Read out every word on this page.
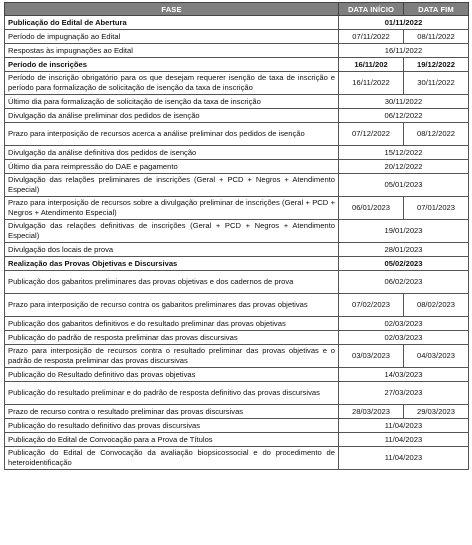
FASE	DATA INÍCIO	DATA FIM
Publicação do Edital de Abertura	01/11/2022	
Período de impugnação ao Edital	07/11/2022	08/11/2022
Respostas às impugnações ao Edital	16/11/2022	
Período de inscrições	16/11/202	19/12/2022
Período de inscrição obrigatório para os que desejam requerer isenção de taxa de inscrição e período para formalização de solicitação de isenção da taxa de inscrição	16/11/2022	30/11/2022
Último dia para formalização de solicitação de isenção da taxa de inscrição	30/11/2022	
Divulgação da análise preliminar dos pedidos de isenção	06/12/2022	
Prazo para interposição de recursos acerca a análise preliminar dos pedidos de isenção	07/12/2022	08/12/2022
Divulgação da análise definitiva dos pedidos de isenção	15/12/2022	
Último dia para reimpressão do DAE e pagamento	20/12/2022	
Divulgação das relações preliminares de inscrições (Geral + PCD + Negros + Atendimento Especial)	05/01/2023	
Prazo para interposição de recursos sobre a divulgação preliminar de inscrições (Geral + PCD + Negros + Atendimento Especial)	06/01/2023	07/01/2023
Divulgação das relações definitivas de inscrições (Geral + PCD + Negros + Atendimento Especial)	19/01/2023	
Divulgação dos locais de prova	28/01/2023	
Realização das Provas Objetivas e Discursivas	05/02/2023	
Publicação dos gabaritos preliminares das provas objetivas e dos cadernos de prova	06/02/2023	
Prazo para interposição de recurso contra os gabaritos preliminares das provas objetivas	07/02/2023	08/02/2023
Publicação dos gabaritos definitivos e do resultado preliminar das provas objetivas	02/03/2023	
Publicação do padrão de resposta preliminar das provas discursivas	02/03/2023	
Prazo para interposição de recursos contra o resultado preliminar das provas objetivas e o padrão de resposta preliminar das provas discursivas	03/03/2023	04/03/2023
Publicação do Resultado definitivo das provas objetivas	14/03/2023	
Publicação do resultado preliminar e do padrão de resposta definitivo das provas discursivas	27/03/2023	
Prazo de recurso contra o resultado preliminar das provas discursivas	28/03/2023	29/03/2023
Publicação do resultado definitivo das provas discursivas	11/04/2023	
Publicação do Edital de Convocação para a Prova de Títulos	11/04/2023	
Publicação do Edital de Convocação da avaliação biopsicossocial e do procedimento de heteroidentificação	11/04/2023	
